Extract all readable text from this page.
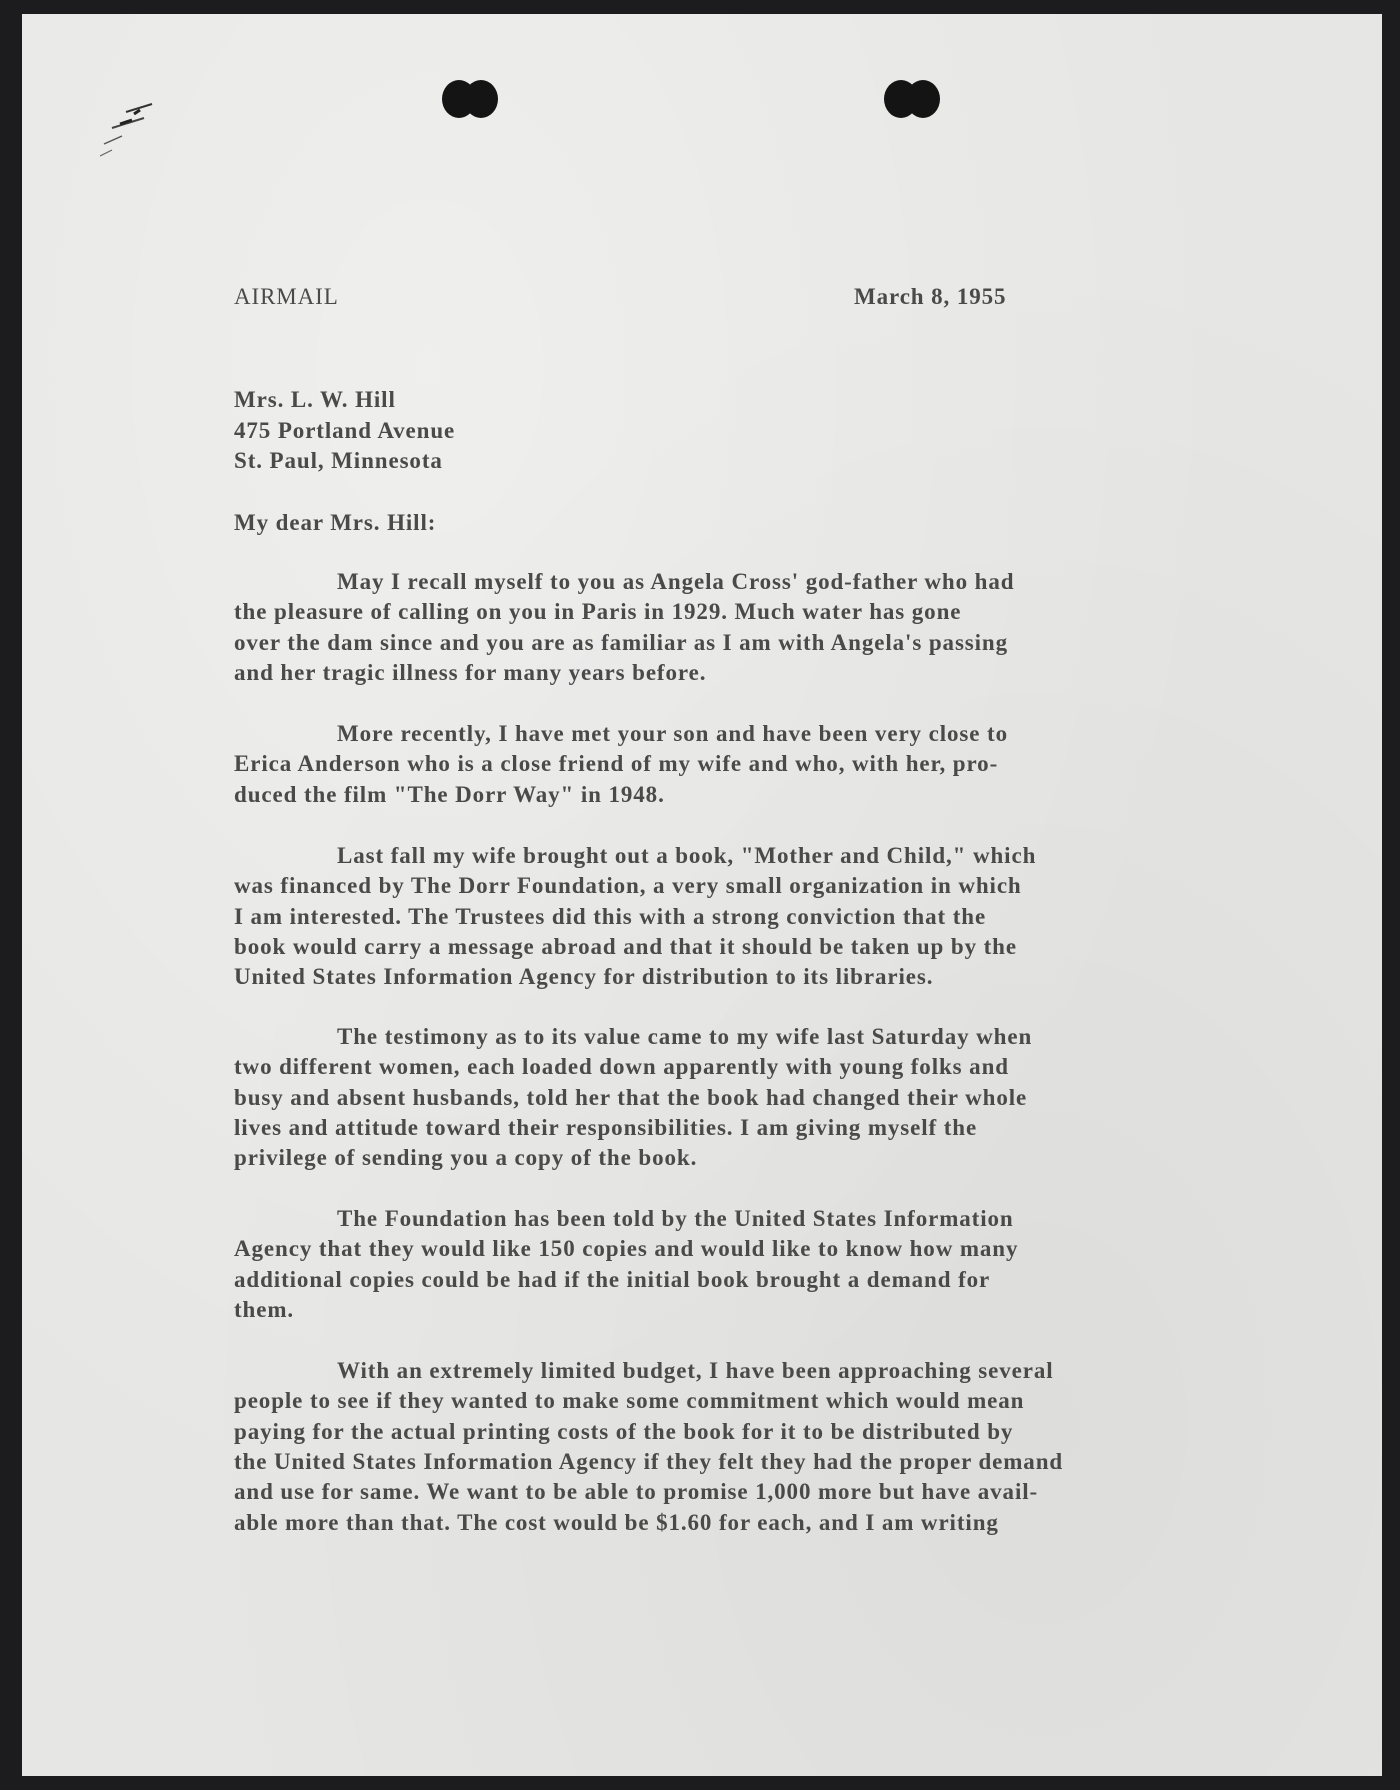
AIRMAIL	March 8, 1955
Mrs. L. W. Hill
475 Portland Avenue
St. Paul, Minnesota
My dear Mrs. Hill:
May I recall myself to you as Angela Cross' god-father who had
the pleasure of calling on you in Paris in 1929. Much water has gone
over the dam since and you are as familiar as I am with Angela's passing
and her tragic illness for many years before.
More recently, I have met your son and have been very close to
Erica Anderson who is a close friend of my wife and who, with her, pro-
duced the film "The Dorr Way" in 1948.
Last fall my wife brought out a book, "Mother and Child," which
was financed by The Dorr Foundation, a very small organization in which
I am interested. The Trustees did this with a strong conviction that the
book would carry a message abroad and that it should be taken up by the
United States Information Agency for distribution to its libraries.
The testimony as to its value came to my wife last Saturday when
two different women, each loaded down apparently with young folks and
busy and absent husbands, told her that the book had changed their whole
lives and attitude toward their responsibilities. I am giving myself the
privilege of sending you a copy of the book.
The Foundation has been told by the United States Information
Agency that they would like 150 copies and would like to know how many
additional copies could be had if the initial book brought a demand for
them.
With an extremely limited budget, I have been approaching several
people to see if they wanted to make some commitment which would mean
paying for the actual printing costs of the book for it to be distributed by
the United States Information Agency if they felt they had the proper demand
and use for same. We want to be able to promise 1,000 more but have avail-
able more than that. The cost would be $1.60 for each, and I am writing
